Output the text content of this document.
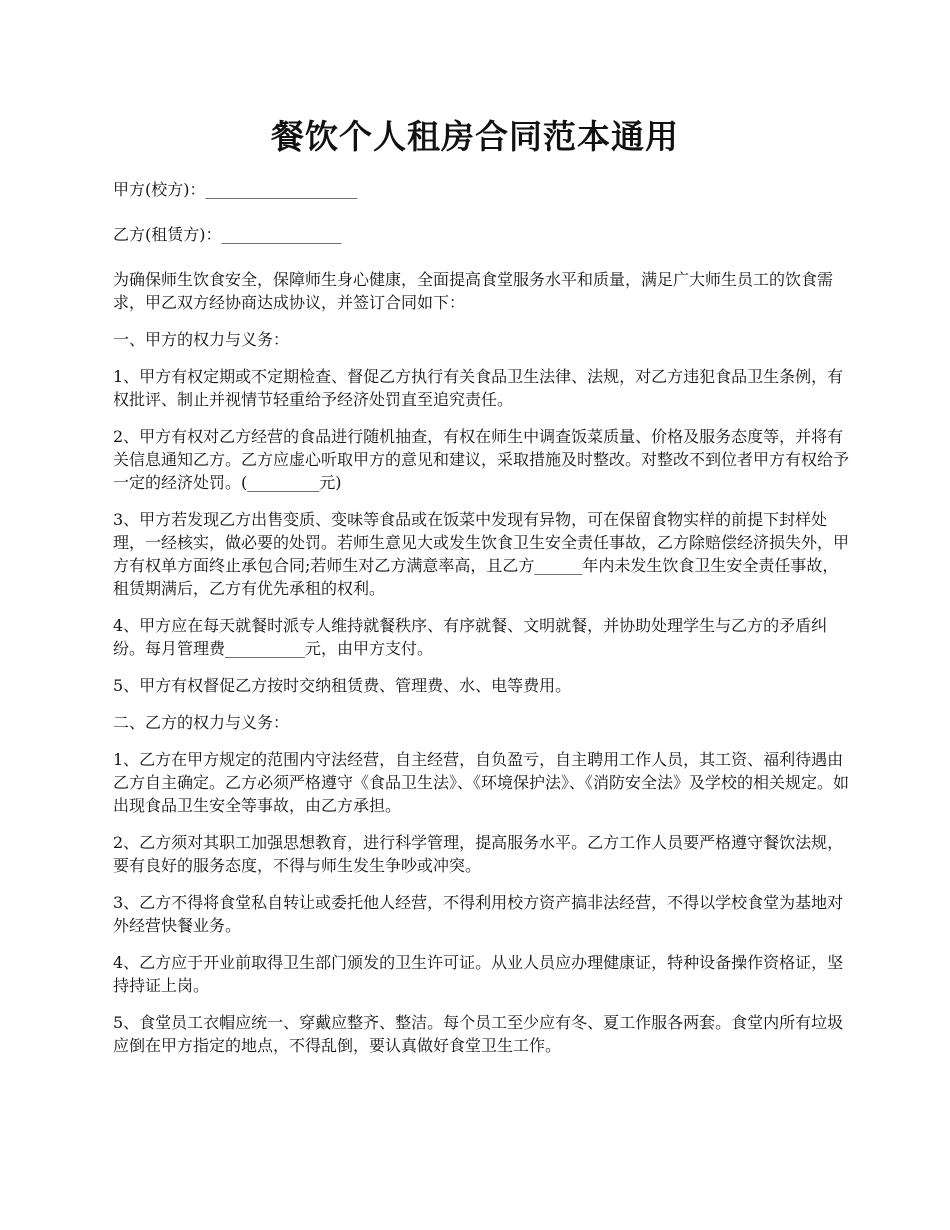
餐饮个人租房合同范本通用

甲方(校方)：___________________

乙方(租赁方)：_______________

为确保师生饮食安全，保障师生身心健康，全面提高食堂服务水平和质量，满足广大师生员工的饮食需求，甲乙双方经协商达成协议，并签订合同如下：

一、甲方的权力与义务：

1、甲方有权定期或不定期检查、督促乙方执行有关食品卫生法律、法规，对乙方违犯食品卫生条例，有权批评、制止并视情节轻重给予经济处罚直至追究责任。

2、甲方有权对乙方经营的食品进行随机抽查，有权在师生中调查饭菜质量、价格及服务态度等，并将有关信息通知乙方。乙方应虚心听取甲方的意见和建议，采取措施及时整改。对整改不到位者甲方有权给予一定的经济处罚。(_________元)

3、甲方若发现乙方出售变质、变味等食品或在饭菜中发现有异物，可在保留食物实样的前提下封样处理，一经核实，做必要的处罚。若师生意见大或发生饮食卫生安全责任事故，乙方除赔偿经济损失外，甲方有权单方面终止承包合同;若师生对乙方满意率高，且乙方______年内未发生饮食卫生安全责任事故，租赁期满后，乙方有优先承租的权利。

4、甲方应在每天就餐时派专人维持就餐秩序、有序就餐、文明就餐，并协助处理学生与乙方的矛盾纠纷。每月管理费__________元，由甲方支付。

5、甲方有权督促乙方按时交纳租赁费、管理费、水、电等费用。

二、乙方的权力与义务：

1、乙方在甲方规定的范围内守法经营，自主经营，自负盈亏，自主聘用工作人员，其工资、福利待遇由乙方自主确定。乙方必须严格遵守《食品卫生法》、《环境保护法》、《消防安全法》及学校的相关规定。如出现食品卫生安全等事故，由乙方承担。

2、乙方须对其职工加强思想教育，进行科学管理，提高服务水平。乙方工作人员要严格遵守餐饮法规，要有良好的服务态度，不得与师生发生争吵或冲突。

3、乙方不得将食堂私自转让或委托他人经营，不得利用校方资产搞非法经营，不得以学校食堂为基地对外经营快餐业务。

4、乙方应于开业前取得卫生部门颁发的卫生许可证。从业人员应办理健康证，特种设备操作资格证，坚持持证上岗。

5、食堂员工衣帽应统一、穿戴应整齐、整洁。每个员工至少应有冬、夏工作服各两套。食堂内所有垃圾应倒在甲方指定的地点，不得乱倒，要认真做好食堂卫生工作。
